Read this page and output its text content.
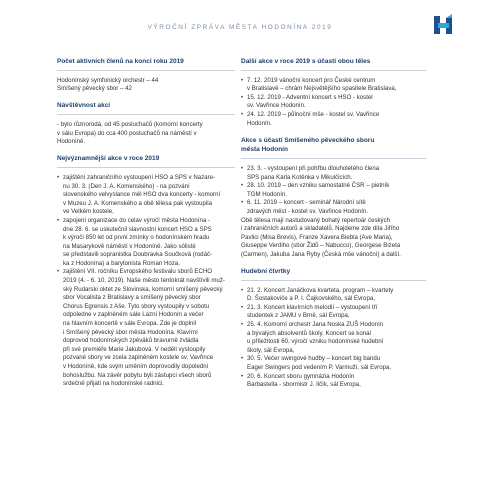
VÝROČNÍ ZPRÁVA MĚSTA HODONÍNA 2019
Počet aktivních členů na konci roku 2019
Hodonínský symfonický orchestr – 44
Smíšený pěvecký sbor – 42
Návštěvnost akcí
- bylo různorodá, od 45 posluchačů (komorní koncerty
v sálu Evropa) do cca 400 posluchačů na náměstí v
Hodoníně.
Nejvýznamnější akce v roce 2019
• zajištění zahraničního vystoupení HSO a SPS v Nazare-
nu 30. 3. (Den J. A. Komenského) - na pozvání
slovenského velvyslance měl HSO dva koncerty - komorní
v Muzeu J. A. Komenského a obě tělesa pak vystoupila
ve Velkém kostele,
• zapojení organizace do celav výročí města Hodonína -
dne 28. 6. se uskutečnil slavnostní koncert HSO a SPS
k výročí 850 let od první zmínky o hodonínském hradu
na Masarykově náměstí v Hodoníně. Jako sólisté
se představili sopranistka Doubravka Součková (rodáč-
ka z Hodonína) a barytonista Roman Hoza,
• zajištění VII. ročníku Evropského festivalu sborů ECHO
2019 (4. - 6. 10. 2019). Naše město tentokrát navštívili muž-
ský Rudarski oktet ze Slovinska, komorní smíšený pěvecký
sbor Vocalista z Bratislavy a smíšený pěvecký sbor
Chorus Egrensis z Aše. Tyto sbory vystoupily v sobotu
odpoledne v zaplněném sále Lázní Hodonín a večer
na hlavním koncertě v sále Evropa. Zde je doplnil
i Smíšený pěvecký sbor města Hodonína. Klavírní
doprovod hodonínských zpěváků bravurně zvládla
při své premiéře Marie Jakubová. V neděli vystoupily
pozvané sbory ve zcela zaplněném kostele sv. Vavřince
v Hodoníně, kde svým uměním doprovodily dopolední
bohoslužbu. Na závěr pobytu byli zástupci všech sborů
srdečně přijati na hodonínské radnici.
Další akce v roce 2019 s účastí obou těles
• 7. 12. 2019 vánoční koncert pro České centrum
v Bratislavě – chrám Nejsvětějšího spasitele Bratislava,
• 15. 12. 2019 - Adventní koncert s HSO - kostel
sv. Vavřince Hodonín.
• 24. 12. 2019 – půlnoční mše - kostel sv. Vavřince
Hodonín.
Akce s účastí Smíšeného pěveckého sboru
města Hodonín
• 23. 3. - vystoupení při pohřbu dlouholetého člena
SPS pana Karla Kotěnka v Mikulčicích.
• 28. 10. 2019 – den vzniku samostatné ČSR – pietník
TGM Hodonín.
• 6. 11. 2019 – koncert - seminář Národní sítě
zdravých měst - kostel sv. Vavřince Hodonín.
Obě tělesa mají nastudovaný bohatý repertoár českých
i zahraničních autorů a skladatelů. Najdeme zde díla Jiřího
Pavlici (Misa Brevis), Franze Xavera Biebla (Ave Maria),
Giuseppe Verdiho (sbor Židů – Nabucco), Georgese Bizeta
(Carmen), Jakuba Jana Ryby (Česká mše vánoční) a další.
Hudební čtvrtky
• 21. 2. Koncert Janáčkova kvarteta, program – kvartety
D. Šostakoviče a P. I. Čajkovského, sál Evropa,
• 21. 3. Koncert klavírních melodií – vystoupení tří
studentek z JAMU v Brně, sál Evropa,
• 25. 4. Komorní orchestr Jana Noska ZUŠ Hodonín
a bývalých absolventů školy. Koncert se konal
u příležitosti 60. výročí vzniku hodonínské hudební
školy, sál Evropa,
• 30. 5. Večer swingové hudby – koncert big bandu
Eager Swingers pod vedením P. Varmuži, sál Evropa,
• 20. 6. Koncert sboru gymnázia Hodonín
Barbastella - sbormistr J. Ilčík, sál Evropa,
